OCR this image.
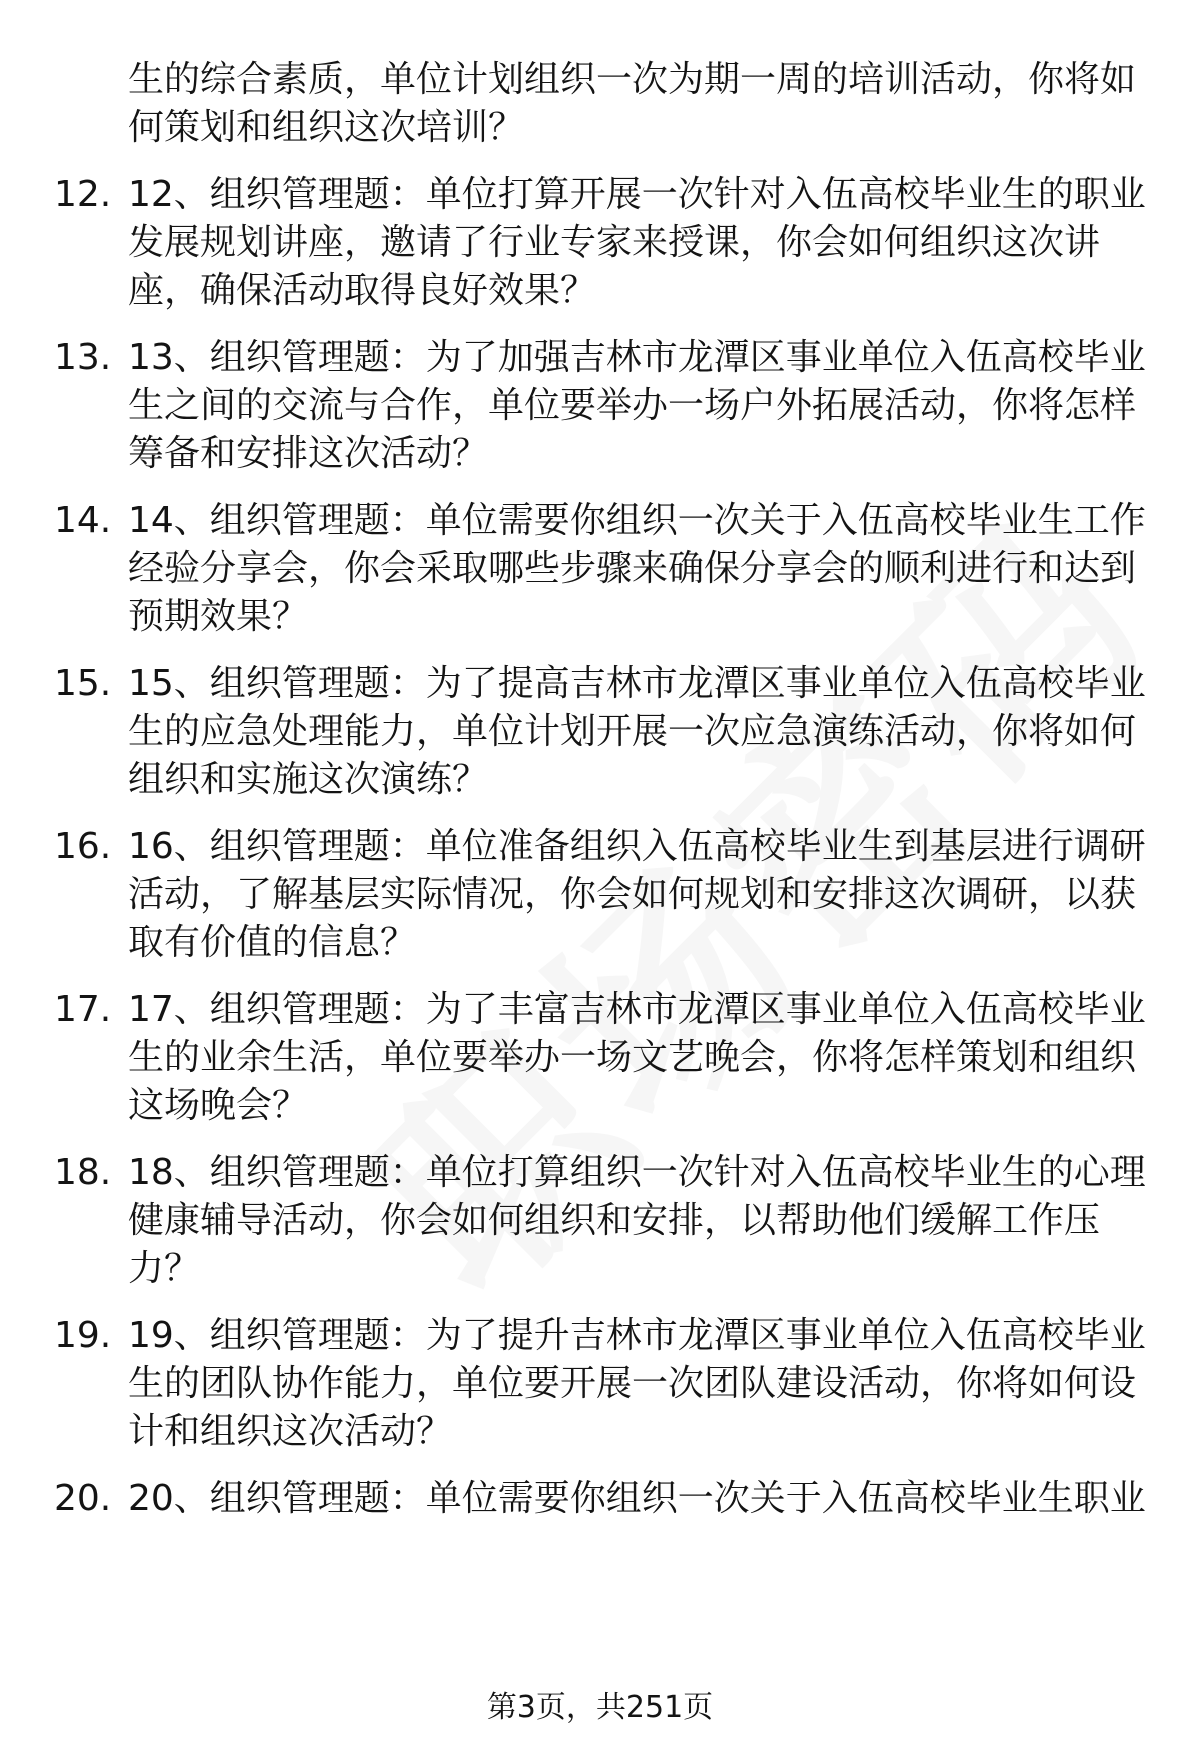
生的综合素质，单位计划组织一次为期一周的培训活动，你将如
何策划和组织这次培训？
12. 12、组织管理题：单位打算开展一次针对入伍高校毕业生的职业
发展规划讲座，邀请了行业专家来授课，你会如何组织这次讲
座，确保活动取得良好效果？
13. 13、组织管理题：为了加强吉林市龙潭区事业单位入伍高校毕业
生之间的交流与合作，单位要举办一场户外拓展活动，你将怎样
筹备和安排这次活动？
14. 14、组织管理题：单位需要你组织一次关于入伍高校毕业生工作
经验分享会，你会采取哪些步骤来确保分享会的顺利进行和达到
预期效果？
15. 15、组织管理题：为了提高吉林市龙潭区事业单位入伍高校毕业
生的应急处理能力，单位计划开展一次应急演练活动，你将如何
组织和实施这次演练？
16. 16、组织管理题：单位准备组织入伍高校毕业生到基层进行调研
活动，了解基层实际情况，你会如何规划和安排这次调研，以获
取有价值的信息？
17. 17、组织管理题：为了丰富吉林市龙潭区事业单位入伍高校毕业
生的业余生活，单位要举办一场文艺晚会，你将怎样策划和组织
这场晚会？
18. 18、组织管理题：单位打算组织一次针对入伍高校毕业生的心理
健康辅导活动，你会如何组织和安排，以帮助他们缓解工作压
力？
19. 19、组织管理题：为了提升吉林市龙潭区事业单位入伍高校毕业
生的团队协作能力，单位要开展一次团队建设活动，你将如何设
计和组织这次活动？
20. 20、组织管理题：单位需要你组织一次关于入伍高校毕业生职业
第3页，共251页
